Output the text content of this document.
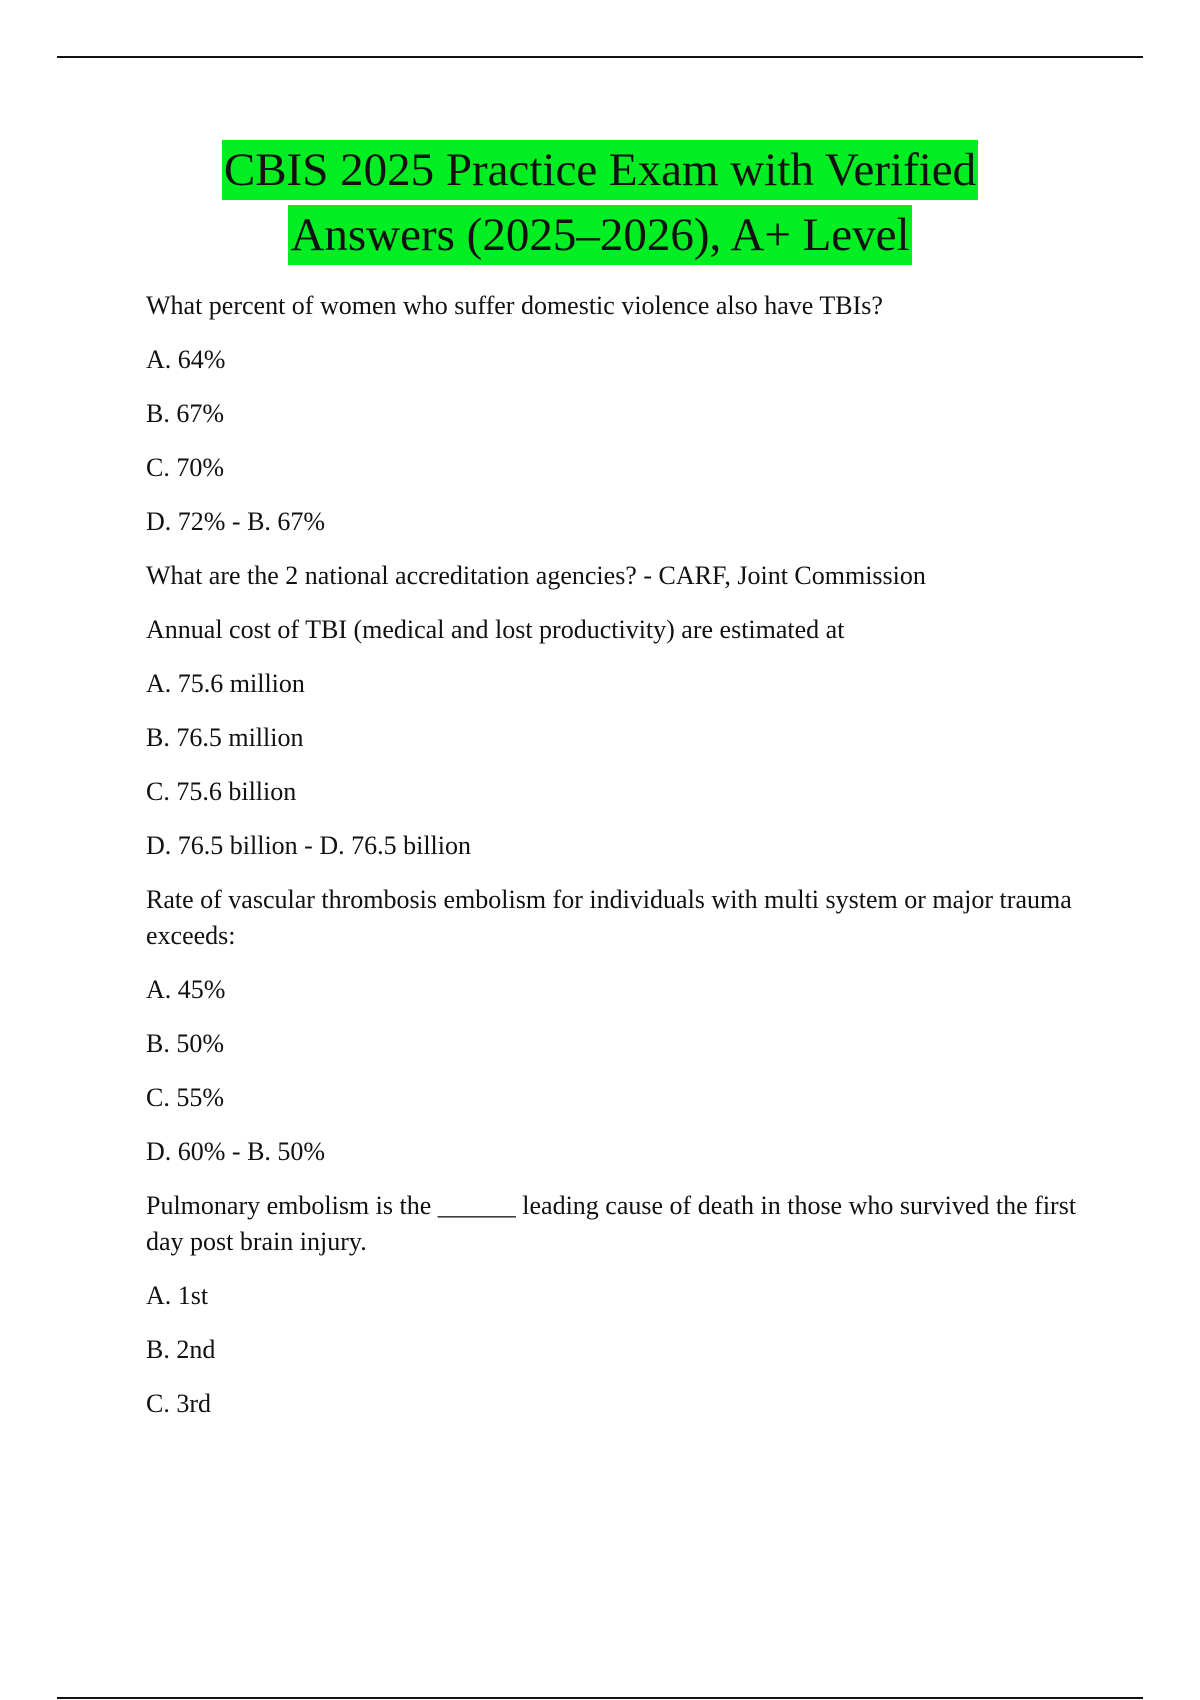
CBIS 2025 Practice Exam with Verified
Answers (2025–2026), A+ Level

What percent of women who suffer domestic violence also have TBIs?

A. 64%

B. 67%

C. 70%

D. 72% - B. 67%

What are the 2 national accreditation agencies? - CARF, Joint Commission

Annual cost of TBI (medical and lost productivity) are estimated at

A. 75.6 million

B. 76.5 million

C. 75.6 billion

D. 76.5 billion - D. 76.5 billion

Rate of vascular thrombosis embolism for individuals with multi system or major trauma exceeds:

A. 45%

B. 50%

C. 55%

D. 60% - B. 50%

Pulmonary embolism is the ______ leading cause of death in those who survived the first day post brain injury.

A. 1st

B. 2nd

C. 3rd
